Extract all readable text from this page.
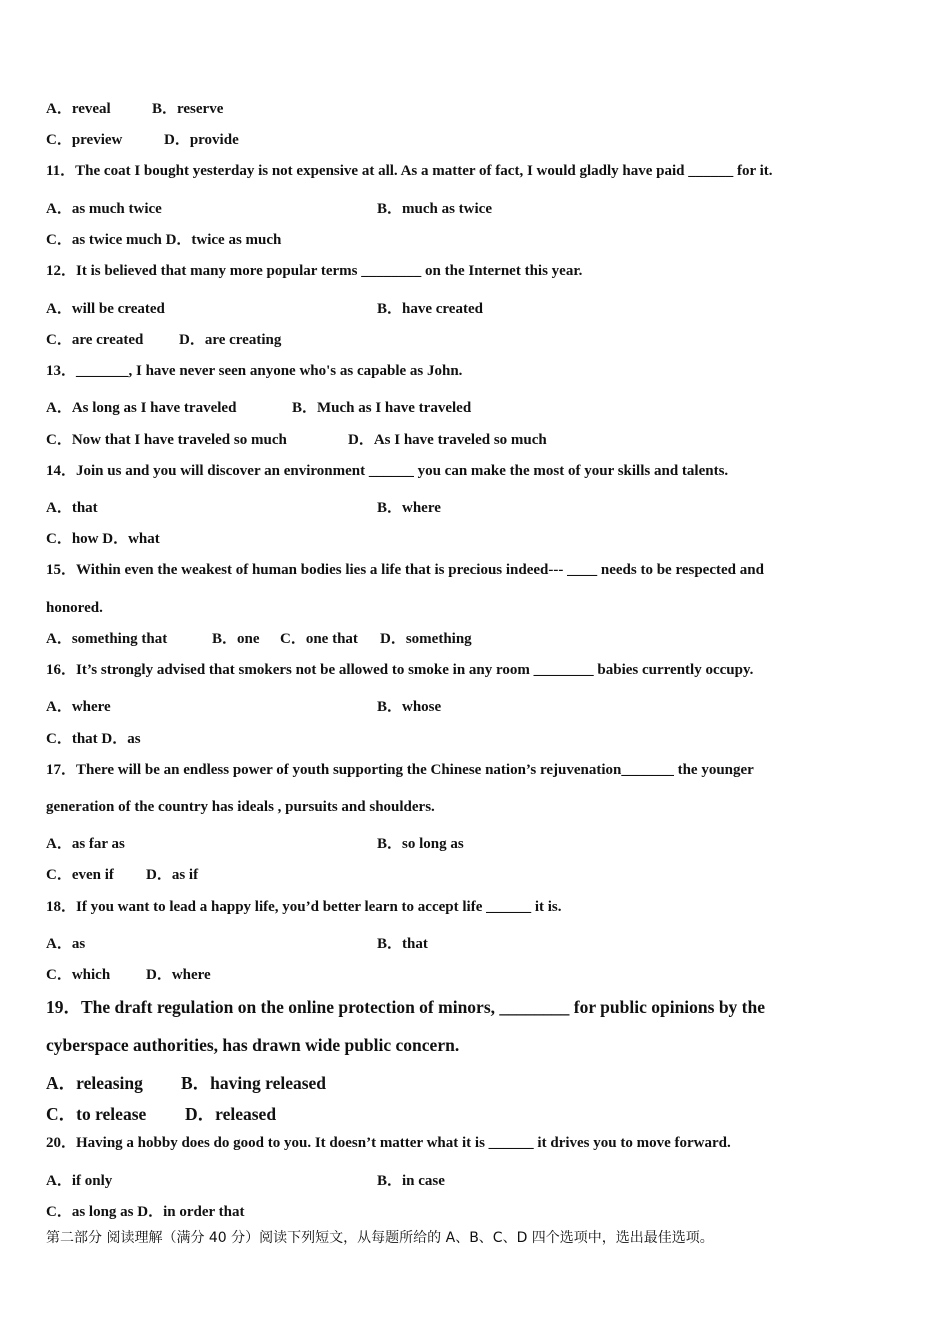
A．reveal	B．reserve
C．preview	D．provide
11．The coat I bought yesterday is not expensive at all. As a matter of fact, I would gladly have paid ______ for it.
A．as much twice	B．much as twice
C．as twice much D．twice as much
12．It is believed that many more popular terms ________ on the Internet this year.
A．will be created	B．have created
C．are created D．are creating
13．_______, I have never seen anyone who's as capable as John.
A．As long as I have traveled	B．Much as I have traveled
C．Now that I have traveled so much	D．As I have traveled so much
14．Join us and you will discover an environment ______ you can make the most of your skills and talents.
A．that	B．where
C．how D．what
15．Within even the weakest of human bodies lies a life that is precious indeed--- ____ needs to be respected and
honored.
A．something that	B．one C．one that D．something
16．It’s strongly advised that smokers not be allowed to smoke in any room ________ babies currently occupy.
A．where	B．whose
C．that D．as
17．There will be an endless power of youth supporting the Chinese nation’s rejuvenation_______ the younger
generation of the country has ideals , pursuits and shoulders.
A．as far as	B．so long as
C．even if D．as if
18．If you want to lead a happy life, you’d better learn to accept life ______ it is.
A．as	B．that
C．which D．where
19．The draft regulation on the online protection of minors, ________ for public opinions by the
cyberspace authorities, has drawn wide public concern.
A．releasing B．having released
C．to release D．released
20．Having a hobby does do good to you. It doesn’t matter what it is ______ it drives you to move forward.
A．if only	B．in case
C．as long as D．in order that
第二部分 阅读理解（满分 40 分）阅读下列短文，从每题所给的 A、B、C、D 四个选项中，选出最佳选项。
